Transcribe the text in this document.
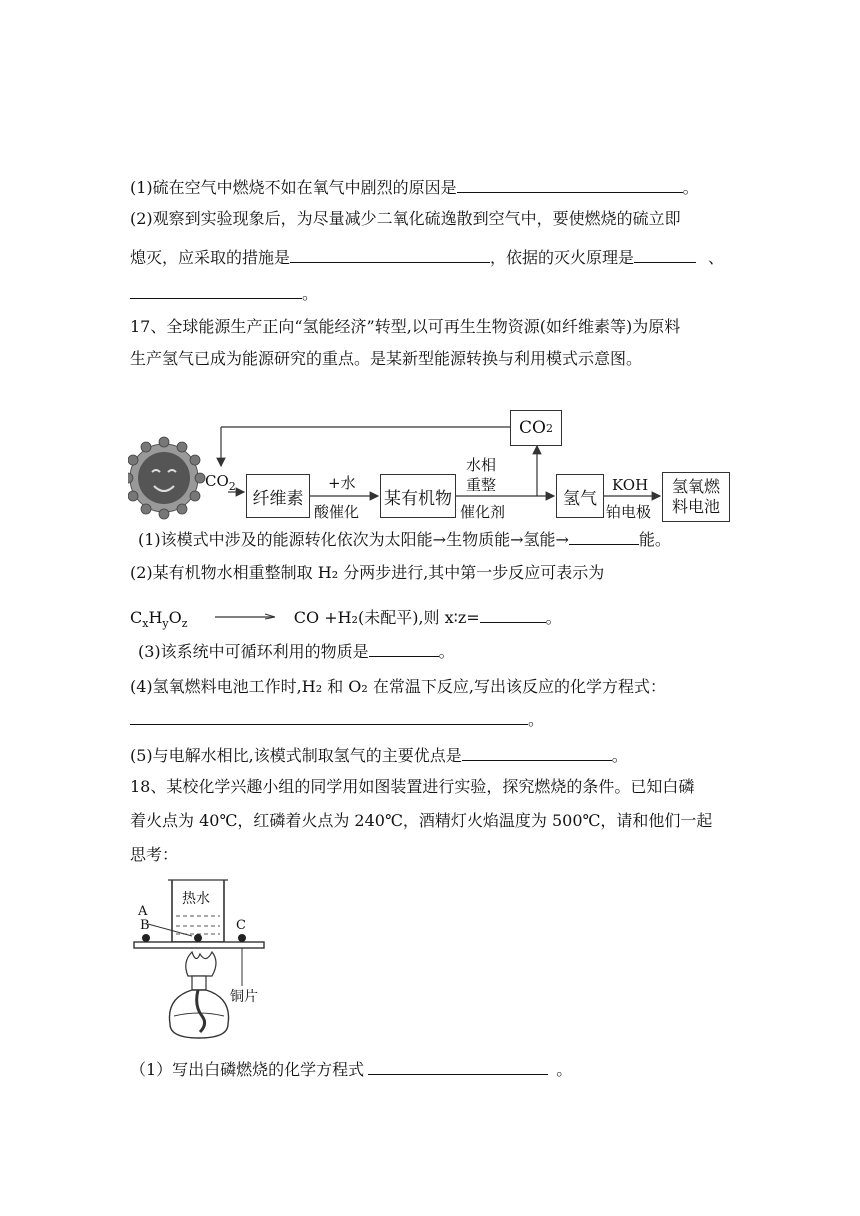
(1)硫在空气中燃烧不如在氧气中剧烈的原因是	。
(2)观察到实验现象后，为尽量减少二氧化硫逸散到空气中，要使燃烧的硫立即
熄灭，应采取的措施是	，依据的灭火原理是	、
。
17、全球能源生产正向“氢能经济”转型,以可再生生物资源(如纤维素等)为原料
生产氢气已成为能源研究的重点。是某新型能源转换与利用模式示意图。
CO 2
$CO_2$
纤维素
+水
酸催化
某有机物
水相
重整
催化剂
氢气
KOH
铂电极
氢氧燃料电池
(1)该模式中涉及的能源转化依次为太阳能→生物质能→氢能→	能。
(2)某有机物水相重整制取 H₂ 分两步进行,其中第一步反应可表示为
$C_xH_yO_z$ → CO +H₂(未配平),则 x∶z=	。
(3)该系统中可循环利用的物质是	。
(4)氢氧燃料电池工作时,H₂ 和 O₂ 在常温下反应,写出该反应的化学方程式：
。
(5)与电解水相比,该模式制取氢气的主要优点是	。
18、某校化学兴趣小组的同学用如图装置进行实验，探究燃烧的条件。已知白磷
着火点为 40℃，红磷着火点为 240℃，酒精灯火焰温度为 500℃，请和他们一起
思考：
热水
A
B	C
铜片
（1）写出白磷燃烧的化学方程式	。
